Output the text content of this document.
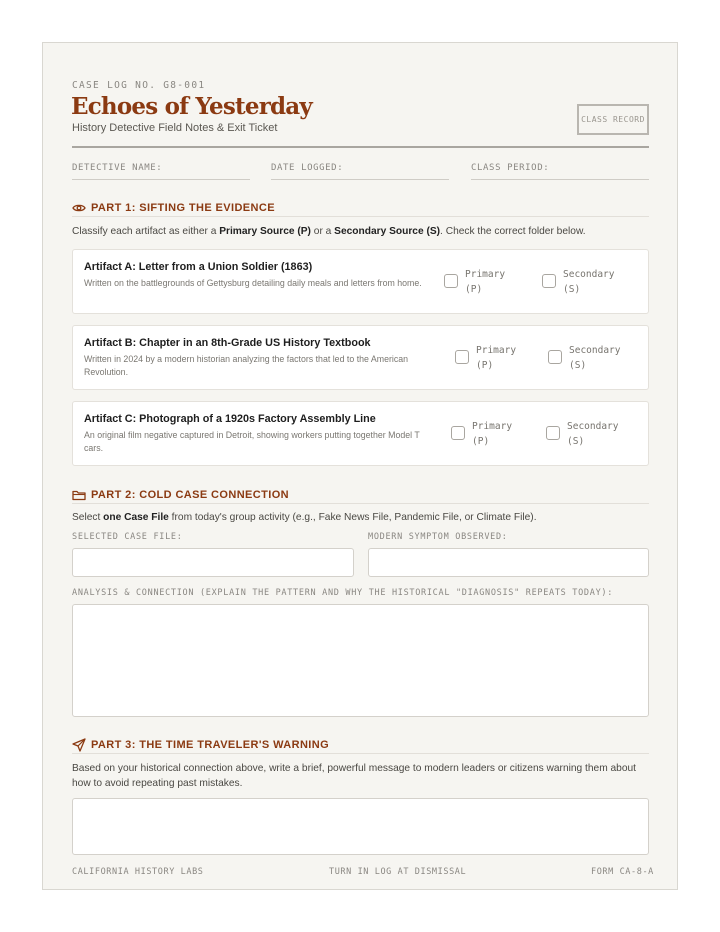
CASE LOG NO. G8-001
Echoes of Yesterday
History Detective Field Notes & Exit Ticket
CLASS RECORD
DETECTIVE NAME:	DATE LOGGED:	CLASS PERIOD:
PART 1: SIFTING THE EVIDENCE
Classify each artifact as either a Primary Source (P) or a Secondary Source (S). Check the correct folder below.
Artifact A: Letter from a Union Soldier (1863)
Written on the battlegrounds of Gettysburg detailing daily meals and letters from home.
Primary (P)
Secondary (S)
Artifact B: Chapter in an 8th-Grade US History Textbook
Written in 2024 by a modern historian analyzing the factors that led to the American Revolution.
Primary (P)
Secondary (S)
Artifact C: Photograph of a 1920s Factory Assembly Line
An original film negative captured in Detroit, showing workers putting together Model T cars.
Primary (P)
Secondary (S)
PART 2: COLD CASE CONNECTION
Select one Case File from today's group activity (e.g., Fake News File, Pandemic File, or Climate File).
SELECTED CASE FILE:	MODERN SYMPTOM OBSERVED:
ANALYSIS & CONNECTION (EXPLAIN THE PATTERN AND WHY THE HISTORICAL "DIAGNOSIS" REPEATS TODAY):
PART 3: THE TIME TRAVELER'S WARNING
Based on your historical connection above, write a brief, powerful message to modern leaders or citizens warning them about how to avoid repeating past mistakes.
CALIFORNIA HISTORY LABS	TURN IN LOG AT DISMISSAL	FORM CA-8-A
